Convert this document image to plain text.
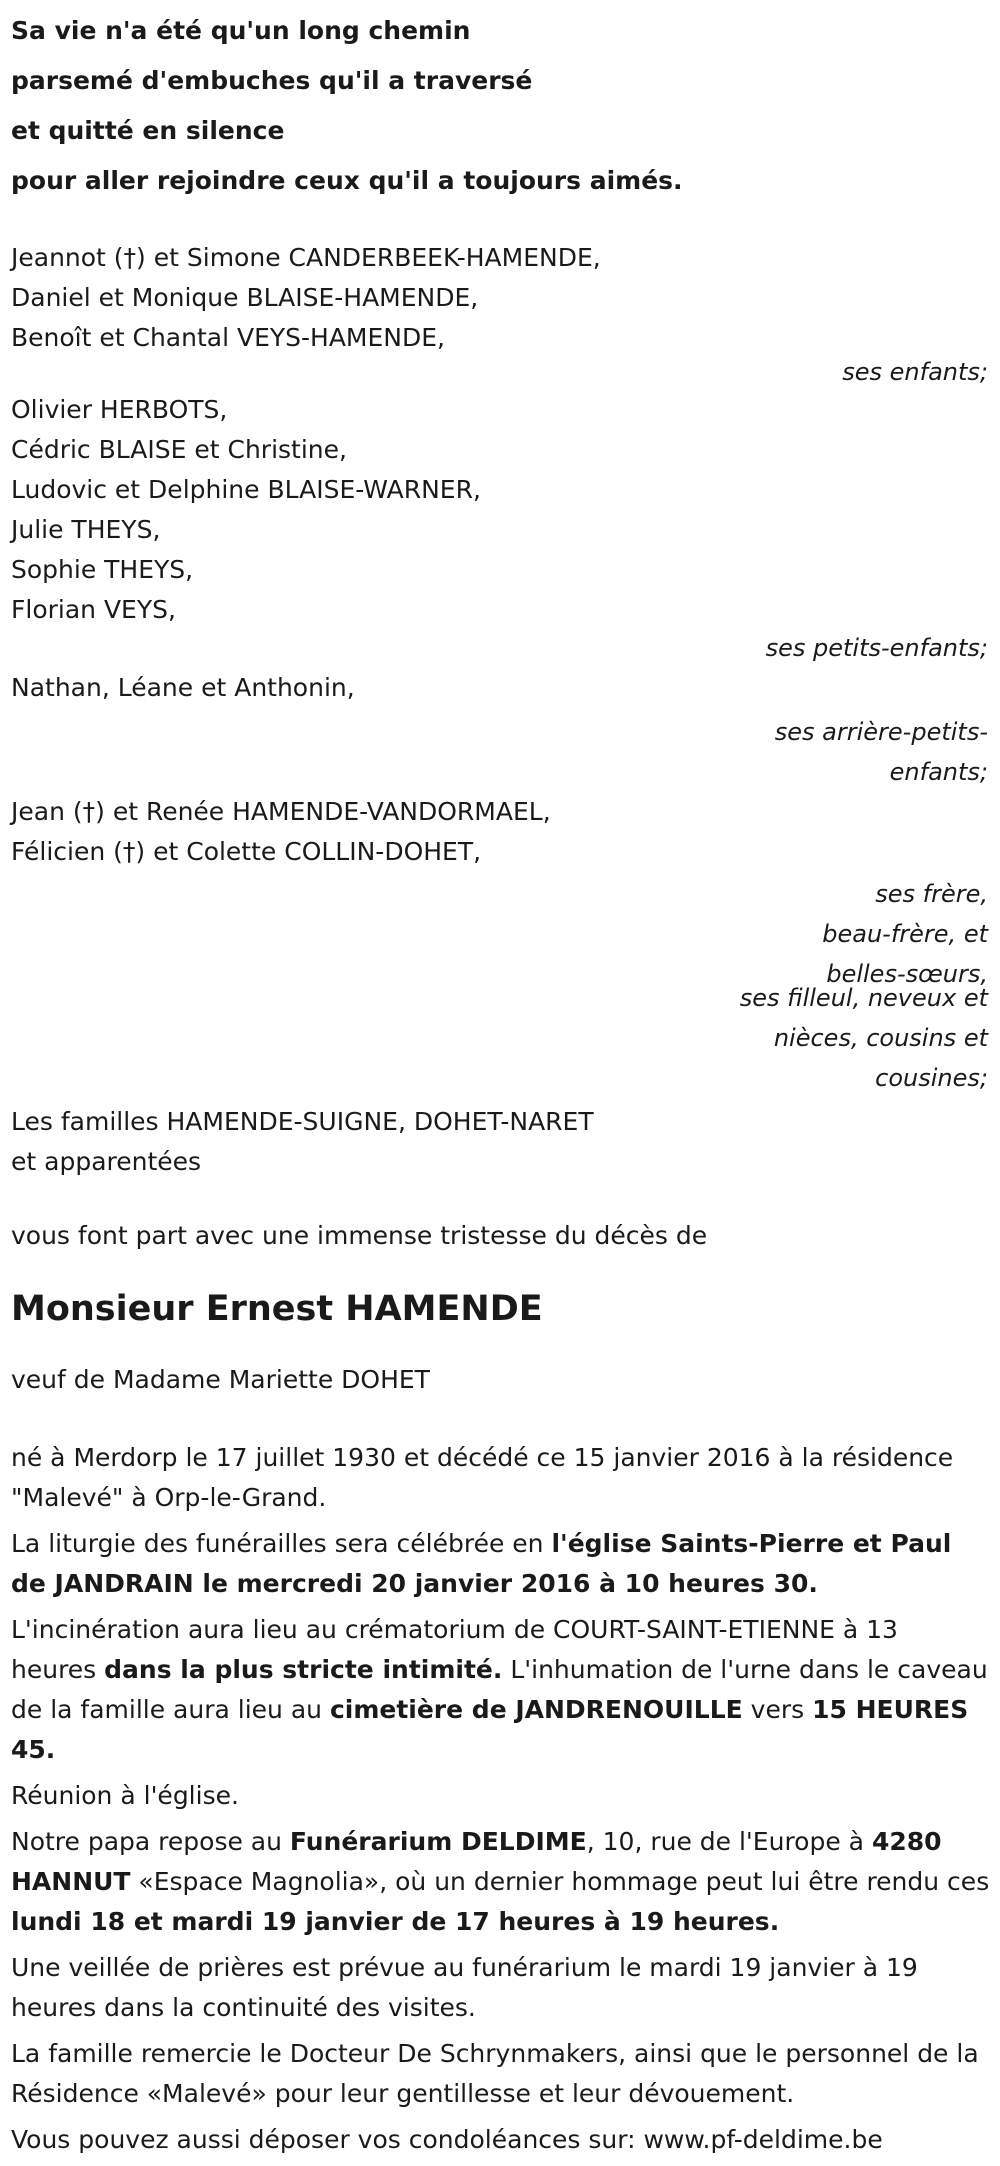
Sa vie n'a été qu'un long chemin
parsemé d'embuches qu'il a traversé
et quitté en silence
pour aller rejoindre ceux qu'il a toujours aimés.
Jeannot (†) et Simone CANDERBEEK-HAMENDE,
Daniel et Monique BLAISE-HAMENDE,
Benoît et Chantal VEYS-HAMENDE,
ses enfants;
Olivier HERBOTS,
Cédric BLAISE et Christine,
Ludovic et Delphine BLAISE-WARNER,
Julie THEYS,
Sophie THEYS,
Florian VEYS,
ses petits-enfants;
Nathan, Léane et Anthonin,
ses arrière-petits-
enfants;
Jean (†) et Renée HAMENDE-VANDORMAEL,
Félicien (†) et Colette COLLIN-DOHET,
ses frère,
beau-frère, et
belles-sœurs,
ses filleul, neveux et
nièces, cousins et
cousines;
Les familles HAMENDE-SUIGNE, DOHET-NARET
et apparentées
vous font part avec une immense tristesse du décès de
Monsieur Ernest HAMENDE
veuf de Madame Mariette DOHET
né à Merdorp le 17 juillet 1930 et décédé ce 15 janvier 2016 à la résidence "Malevé" à Orp-le-Grand.
La liturgie des funérailles sera célébrée en l'église Saints-Pierre et Paul de JANDRAIN le mercredi 20 janvier 2016 à 10 heures 30.
L'incinération aura lieu au crématorium de COURT-SAINT-ETIENNE à 13 heures dans la plus stricte intimité. L'inhumation de l'urne dans le caveau de la famille aura lieu au cimetière de JANDRENOUILLE vers 15 HEURES 45.
Réunion à l'église.
Notre papa repose au Funérarium DELDIME, 10, rue de l'Europe à 4280 HANNUT «Espace Magnolia», où un dernier hommage peut lui être rendu ces lundi 18 et mardi 19 janvier de 17 heures à 19 heures.
Une veillée de prières est prévue au funérarium le mardi 19 janvier à 19 heures dans la continuité des visites.
La famille remercie le Docteur De Schrynmakers, ainsi que le personnel de la Résidence «Malevé» pour leur gentillesse et leur dévouement.
Vous pouvez aussi déposer vos condoléances sur: www.pf-deldime.be
